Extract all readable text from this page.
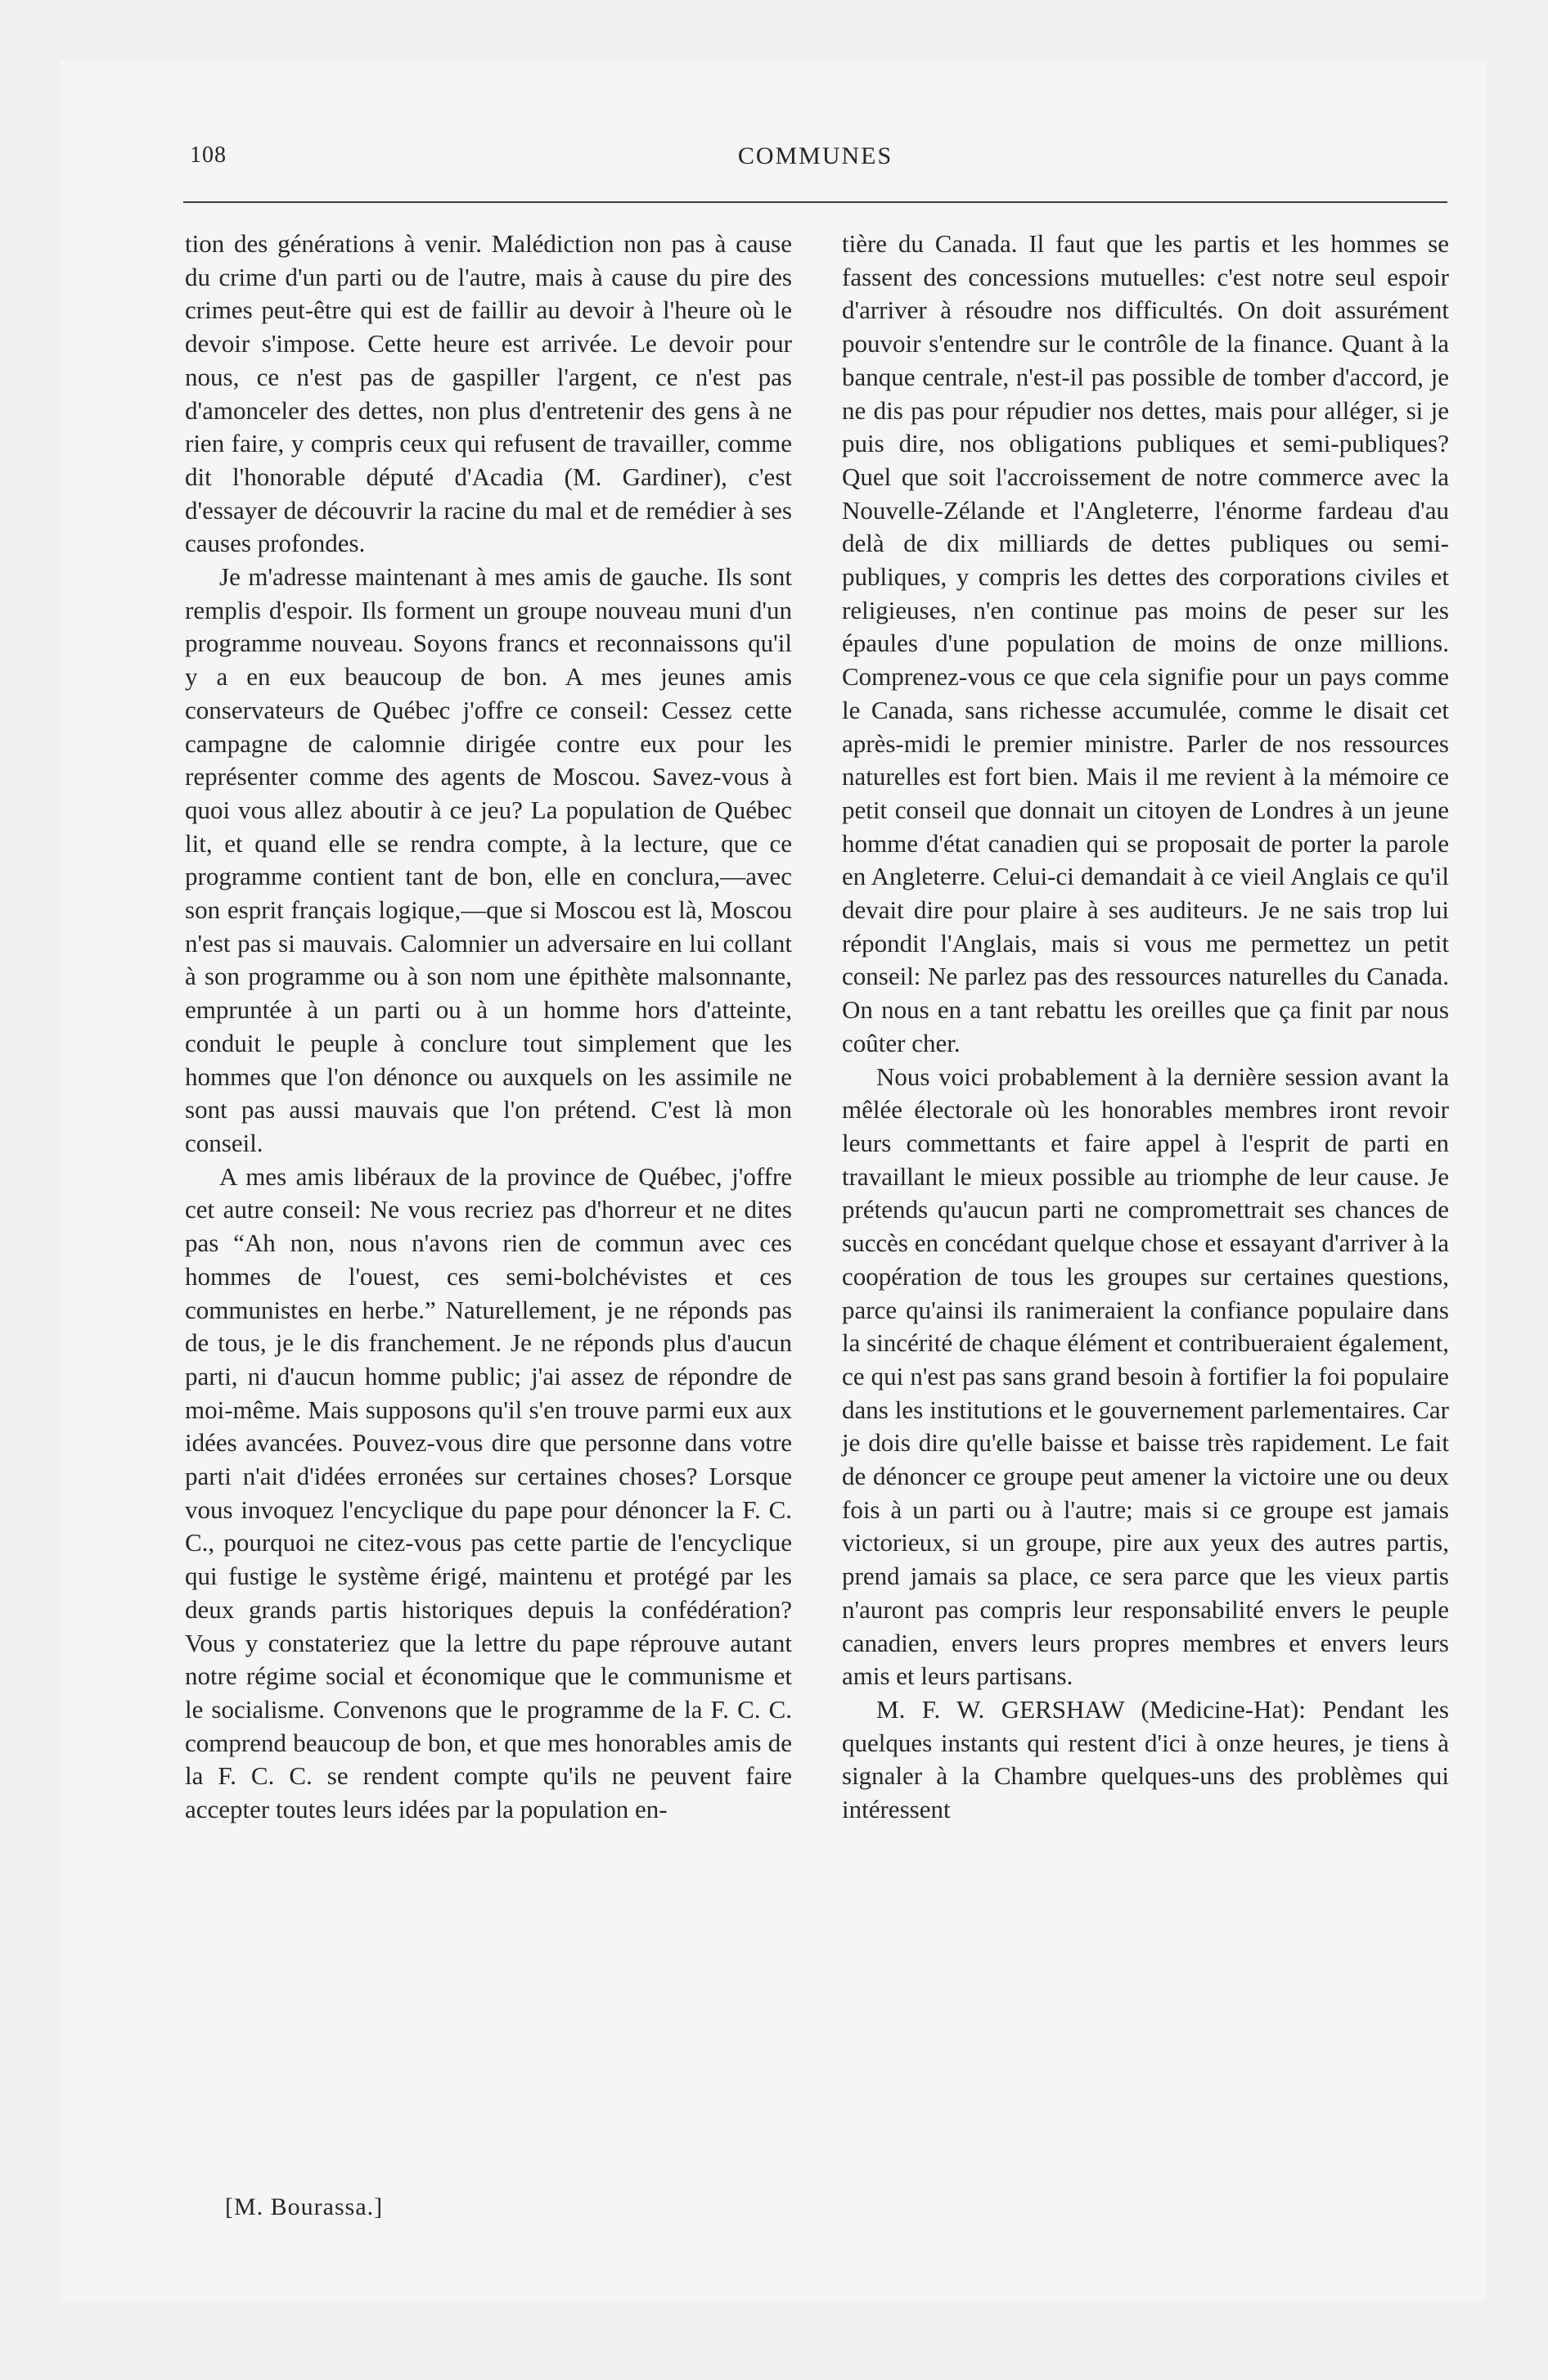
108	COMMUNES

tion des générations à venir. Malédiction non pas à cause du crime d'un parti ou de l'autre, mais à cause du pire des crimes peut-être qui est de faillir au devoir à l'heure où le devoir s'impose. Cette heure est arrivée. Le devoir pour nous, ce n'est pas de gaspiller l'argent, ce n'est pas d'amonceler des dettes, non plus d'entretenir des gens à ne rien faire, y compris ceux qui refusent de travailler, comme dit l'honorable député d'Acadia (M. Gardiner), c'est d'essayer de découvrir la racine du mal et de remédier à ses causes profondes.

Je m'adresse maintenant à mes amis de gauche. Ils sont remplis d'espoir. Ils forment un groupe nouveau muni d'un programme nouveau. Soyons francs et reconnaissons qu'il y a en eux beaucoup de bon. A mes jeunes amis conservateurs de Québec j'offre ce conseil: Cessez cette campagne de calomnie dirigée contre eux pour les représenter comme des agents de Moscou. Savez-vous à quoi vous allez aboutir à ce jeu? La population de Québec lit, et quand elle se rendra compte, à la lecture, que ce programme contient tant de bon, elle en conclura,—avec son esprit français logique,—que si Moscou est là, Moscou n'est pas si mauvais. Calomnier un adversaire en lui collant à son programme ou à son nom une épithète malsonnante, empruntée à un parti ou à un homme hors d'atteinte, conduit le peuple à conclure tout simplement que les hommes que l'on dénonce ou auxquels on les assimile ne sont pas aussi mauvais que l'on prétend. C'est là mon conseil.

A mes amis libéraux de la province de Québec, j'offre cet autre conseil: Ne vous recriez pas d'horreur et ne dites pas “Ah non, nous n'avons rien de commun avec ces hommes de l'ouest, ces semi-bolchévistes et ces communistes en herbe.” Naturellement, je ne réponds pas de tous, je le dis franchement. Je ne réponds plus d'aucun parti, ni d'aucun homme public; j'ai assez de répondre de moi-même. Mais supposons qu'il s'en trouve parmi eux aux idées avancées. Pouvez-vous dire que personne dans votre parti n'ait d'idées erronées sur certaines choses? Lorsque vous invoquez l'encyclique du pape pour dénoncer la F. C. C., pourquoi ne citez-vous pas cette partie de l'encyclique qui fustige le système érigé, maintenu et protégé par les deux grands partis historiques depuis la confédération? Vous y constateriez que la lettre du pape réprouve autant notre régime social et économique que le communisme et le socialisme. Convenons que le programme de la F. C. C. comprend beaucoup de bon, et que mes honorables amis de la F. C. C. se rendent compte qu'ils ne peuvent faire accepter toutes leurs idées par la population en-

tière du Canada. Il faut que les partis et les hommes se fassent des concessions mutuelles: c'est notre seul espoir d'arriver à résoudre nos difficultés. On doit assurément pouvoir s'entendre sur le contrôle de la finance. Quant à la banque centrale, n'est-il pas possible de tomber d'accord, je ne dis pas pour répudier nos dettes, mais pour alléger, si je puis dire, nos obligations publiques et semi-publiques? Quel que soit l'accroissement de notre commerce avec la Nouvelle-Zélande et l'Angleterre, l'énorme fardeau d'au delà de dix milliards de dettes publiques ou semi-publiques, y compris les dettes des corporations civiles et religieuses, n'en continue pas moins de peser sur les épaules d'une population de moins de onze millions. Comprenez-vous ce que cela signifie pour un pays comme le Canada, sans richesse accumulée, comme le disait cet après-midi le premier ministre. Parler de nos ressources naturelles est fort bien. Mais il me revient à la mémoire ce petit conseil que donnait un citoyen de Londres à un jeune homme d'état canadien qui se proposait de porter la parole en Angleterre. Celui-ci demandait à ce vieil Anglais ce qu'il devait dire pour plaire à ses auditeurs. Je ne sais trop lui répondit l'Anglais, mais si vous me permettez un petit conseil: Ne parlez pas des ressources naturelles du Canada. On nous en a tant rebattu les oreilles que ça finit par nous coûter cher.

Nous voici probablement à la dernière session avant la mêlée électorale où les honorables membres iront revoir leurs commettants et faire appel à l'esprit de parti en travaillant le mieux possible au triomphe de leur cause. Je prétends qu'aucun parti ne compromettrait ses chances de succès en concédant quelque chose et essayant d'arriver à la coopération de tous les groupes sur certaines questions, parce qu'ainsi ils ranimeraient la confiance populaire dans la sincérité de chaque élément et contribueraient également, ce qui n'est pas sans grand besoin à fortifier la foi populaire dans les institutions et le gouvernement parlementaires. Car je dois dire qu'elle baisse et baisse très rapidement. Le fait de dénoncer ce groupe peut amener la victoire une ou deux fois à un parti ou à l'autre; mais si ce groupe est jamais victorieux, si un groupe, pire aux yeux des autres partis, prend jamais sa place, ce sera parce que les vieux partis n'auront pas compris leur responsabilité envers le peuple canadien, envers leurs propres membres et envers leurs amis et leurs partisans.

M. F. W. GERSHAW (Medicine-Hat): Pendant les quelques instants qui restent d'ici à onze heures, je tiens à signaler à la Chambre quelques-uns des problèmes qui intéressent

[M. Bourassa.]
